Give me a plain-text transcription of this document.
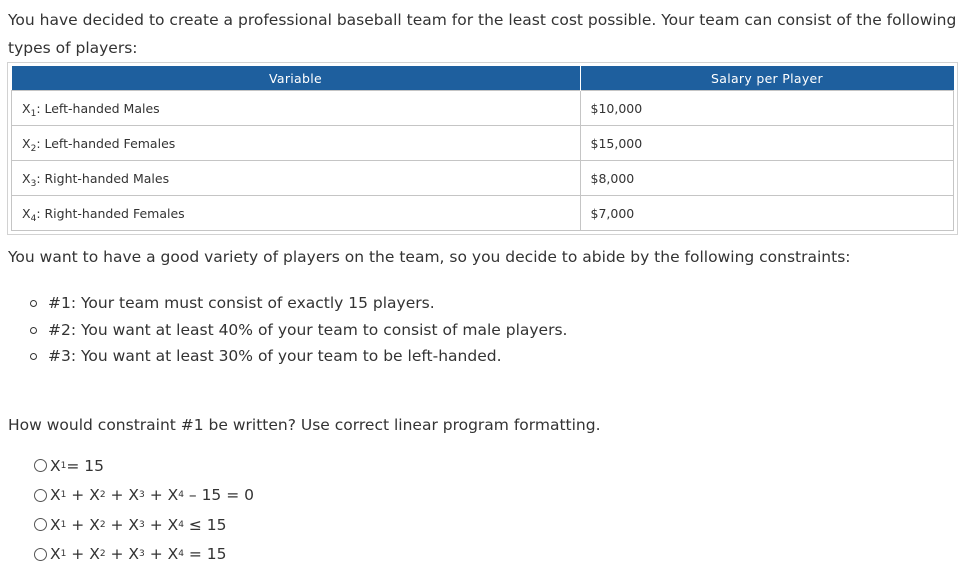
You have decided to create a professional baseball team for the least cost possible. Your team can consist of the following types of players:
Variable	Salary per Player
$X_1$: Left-handed Males	$10,000
$X_2$: Left-handed Females	$15,000
$X_3$: Right-handed Males	$8,000
$X_4$: Right-handed Females	$7,000
You want to have a good variety of players on the team, so you decide to abide by the following constraints:
#1: Your team must consist of exactly 15 players.
#2: You want at least 40% of your team to consist of male players.
#3: You want at least 30% of your team to be left-handed.
How would constraint #1 be written? Use correct linear program formatting.
X 1 = 15
X 1 + X 2 + X 3 + X 4 – 15 = 0
X 1 + X 2 + X 3 + X 4 ≤ 15
X 1 + X 2 + X 3 + X 4 = 15
